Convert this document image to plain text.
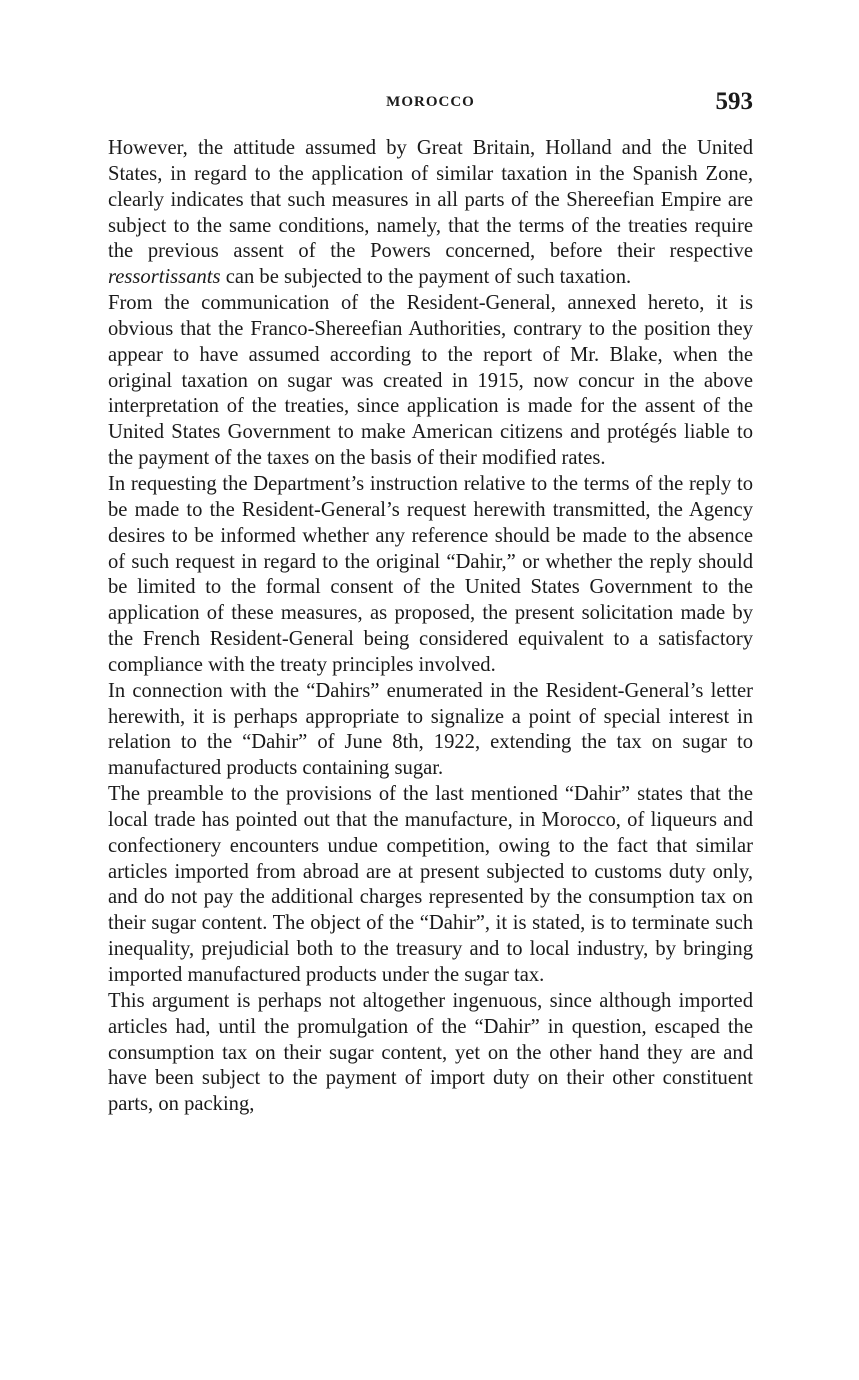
MOROCCO	593

However, the attitude assumed by Great Britain, Holland and the United States, in regard to the application of similar taxation in the Spanish Zone, clearly indicates that such measures in all parts of the Shereefian Empire are subject to the same conditions, namely, that the terms of the treaties require the previous assent of the Powers concerned, before their respective ressortissants can be subjected to the payment of such taxation.

From the communication of the Resident-General, annexed hereto, it is obvious that the Franco-Shereefian Authorities, contrary to the position they appear to have assumed according to the report of Mr. Blake, when the original taxation on sugar was created in 1915, now concur in the above interpretation of the treaties, since application is made for the assent of the United States Government to make American citizens and protégés liable to the payment of the taxes on the basis of their modified rates.

In requesting the Department’s instruction relative to the terms of the reply to be made to the Resident-General’s request herewith transmitted, the Agency desires to be informed whether any reference should be made to the absence of such request in regard to the original “Dahir,” or whether the reply should be limited to the formal consent of the United States Government to the application of these measures, as proposed, the present solicitation made by the French Resident-General being considered equivalent to a satisfactory compliance with the treaty principles involved.

In connection with the “Dahirs” enumerated in the Resident-General’s letter herewith, it is perhaps appropriate to signalize a point of special interest in relation to the “Dahir” of June 8th, 1922, extending the tax on sugar to manufactured products containing sugar.

The preamble to the provisions of the last mentioned “Dahir” states that the local trade has pointed out that the manufacture, in Morocco, of liqueurs and confectionery encounters undue competition, owing to the fact that similar articles imported from abroad are at present subjected to customs duty only, and do not pay the additional charges represented by the consumption tax on their sugar content. The object of the “Dahir”, it is stated, is to terminate such inequality, prejudicial both to the treasury and to local industry, by bringing imported manufactured products under the sugar tax.

This argument is perhaps not altogether ingenuous, since although imported articles had, until the promulgation of the “Dahir” in question, escaped the consumption tax on their sugar content, yet on the other hand they are and have been subject to the payment of import duty on their other constituent parts, on packing,
